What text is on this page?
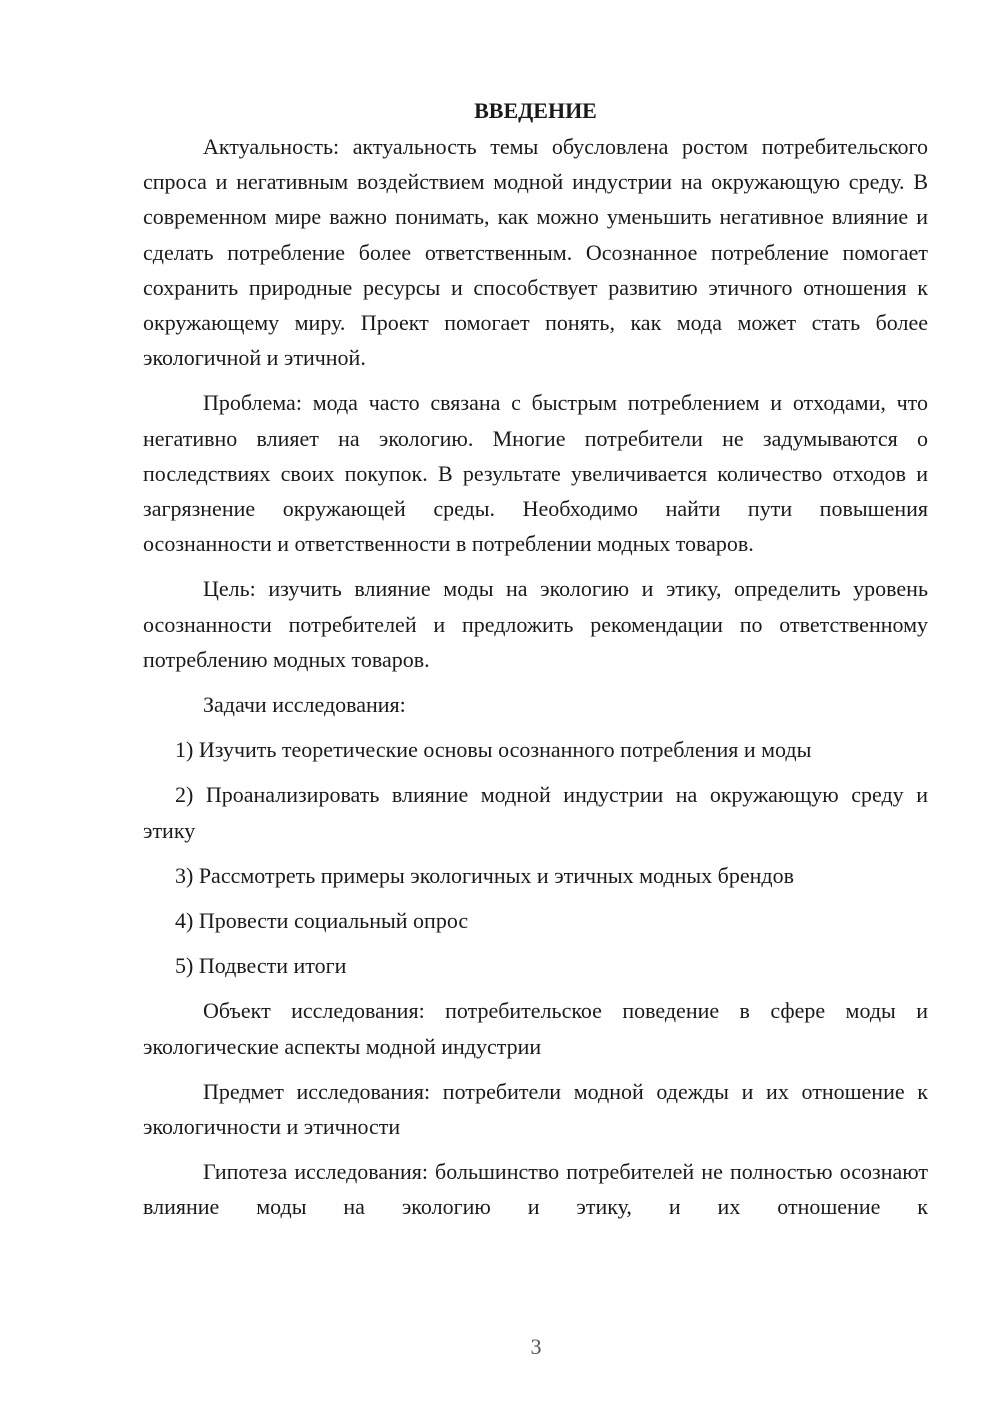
ВВЕДЕНИЕ

Актуальность: актуальность темы обусловлена ростом потребительского спроса и негативным воздействием модной индустрии на окружающую среду. В современном мире важно понимать, как можно уменьшить негативное влияние и сделать потребление более ответственным. Осознанное потребление помогает сохранить природные ресурсы и способствует развитию этичного отношения к окружающему миру. Проект помогает понять, как мода может стать более экологичной и этичной.

Проблема: мода часто связана с быстрым потреблением и отходами, что негативно влияет на экологию. Многие потребители не задумываются о последствиях своих покупок. В результате увеличивается количество отходов и загрязнение окружающей среды. Необходимо найти пути повышения осознанности и ответственности в потреблении модных товаров.

Цель: изучить влияние моды на экологию и этику, определить уровень осознанности потребителей и предложить рекомендации по ответственному потреблению модных товаров.

Задачи исследования:

1) Изучить теоретические основы осознанного потребления и моды

2) Проанализировать влияние модной индустрии на окружающую среду и этику

3) Рассмотреть примеры экологичных и этичных модных брендов

4) Провести социальный опрос

5) Подвести итоги

Объект исследования: потребительское поведение в сфере моды и экологические аспекты модной индустрии

Предмет исследования: потребители модной одежды и их отношение к экологичности и этичности

Гипотеза исследования: большинство потребителей не полностью осознают влияние моды на экологию и этику, и их отношение к

3
